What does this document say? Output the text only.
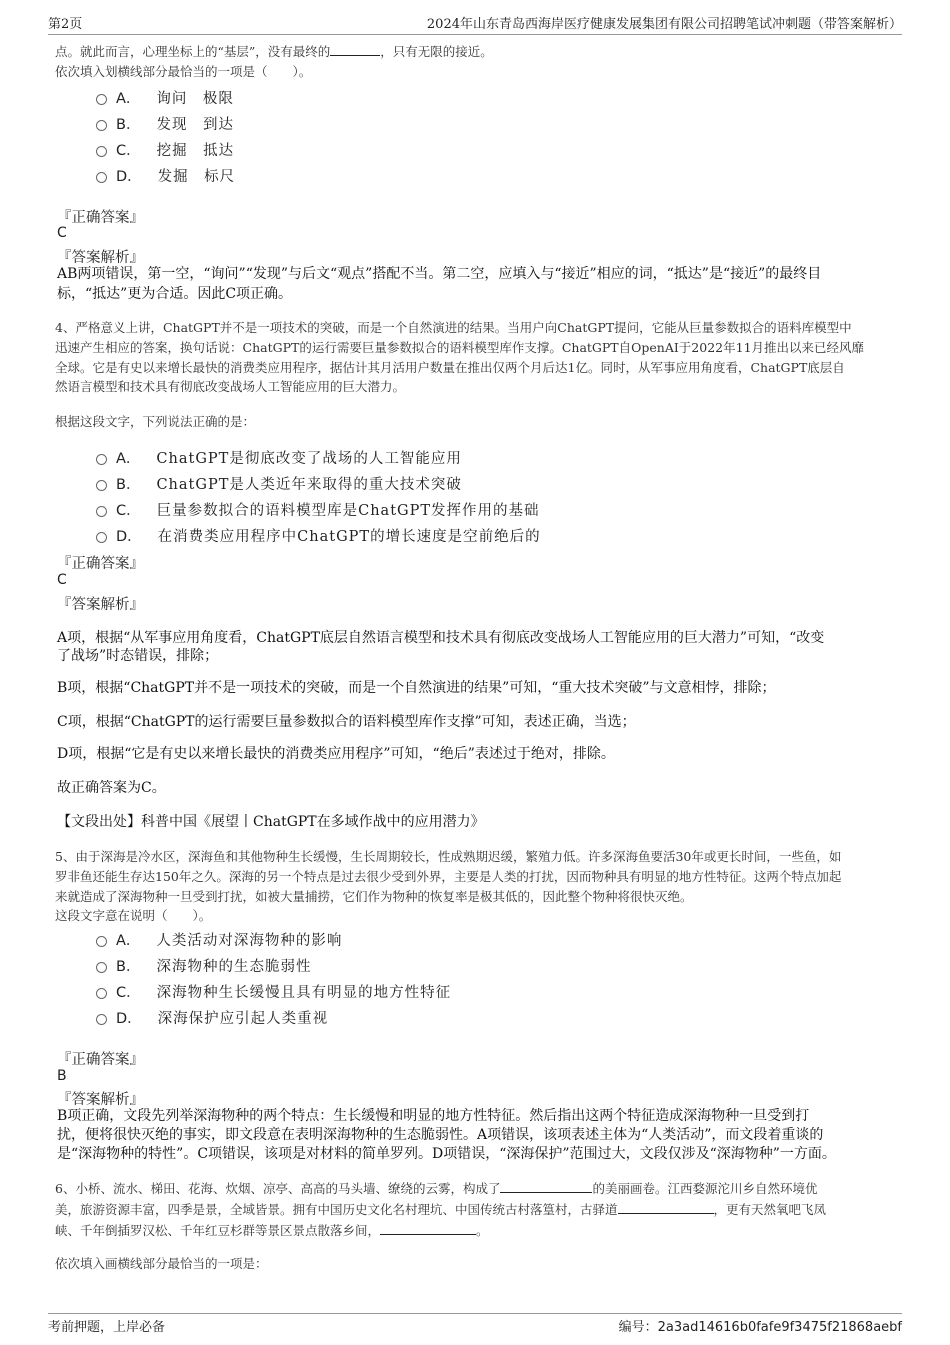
第2页	2024年山东青岛西海岸医疗健康发展集团有限公司招聘笔试冲刺题（带答案解析）
点。就此而言，心理坐标上的“基层”，没有最终的	，只有无限的接近。
依次填入划横线部分最恰当的一项是（　　）。
A． 询问　极限
B． 发现　到达
C． 挖掘　抵达
D． 发掘　标尺
『正确答案』
C
『答案解析』
AB两项错误，第一空，“询问”“发现”与后文“观点”搭配不当。第二空，应填入与“接近”相应的词，“抵达”是“接近”的最终目
标，“抵达”更为合适。因此C项正确。
4、严格意义上讲，ChatGPT并不是一项技术的突破，而是一个自然演进的结果。当用户向ChatGPT提问，它能从巨量参数拟合的语料库模型中
迅速产生相应的答案，换句话说：ChatGPT的运行需要巨量参数拟合的语料模型库作支撑。ChatGPT自OpenAI于2022年11月推出以来已经风靡
全球。它是有史以来增长最快的消费类应用程序，据估计其月活用户数量在推出仅两个月后达1亿。同时，从军事应用角度看，ChatGPT底层自
然语言模型和技术具有彻底改变战场人工智能应用的巨大潜力。
根据这段文字，下列说法正确的是：
A． ChatGPT是彻底改变了战场的人工智能应用
B． ChatGPT是人类近年来取得的重大技术突破
C． 巨量参数拟合的语料模型库是ChatGPT发挥作用的基础
D． 在消费类应用程序中ChatGPT的增长速度是空前绝后的
『正确答案』
C
『答案解析』
A项，根据“从军事应用角度看，ChatGPT底层自然语言模型和技术具有彻底改变战场人工智能应用的巨大潜力”可知，“改变
了战场”时态错误，排除；
B项，根据“ChatGPT并不是一项技术的突破，而是一个自然演进的结果”可知，“重大技术突破”与文意相悖，排除；
C项，根据“ChatGPT的运行需要巨量参数拟合的语料模型库作支撑”可知，表述正确，当选；
D项，根据“它是有史以来增长最快的消费类应用程序”可知，“绝后”表述过于绝对，排除。
故正确答案为C。
【文段出处】科普中国《展望丨ChatGPT在多域作战中的应用潜力》
5、由于深海是冷水区，深海鱼和其他物种生长缓慢，生长周期较长，性成熟期迟缓，繁殖力低。许多深海鱼要活30年或更长时间，一些鱼，如
罗非鱼还能生存达150年之久。深海的另一个特点是过去很少受到外界，主要是人类的打扰，因而物种具有明显的地方性特征。这两个特点加起
来就造成了深海物种一旦受到打扰，如被大量捕捞，它们作为物种的恢复率是极其低的，因此整个物种将很快灭绝。
这段文字意在说明（　　）。
A． 人类活动对深海物种的影响
B． 深海物种的生态脆弱性
C． 深海物种生长缓慢且具有明显的地方性特征
D． 深海保护应引起人类重视
『正确答案』
B
『答案解析』
B项正确，文段先列举深海物种的两个特点：生长缓慢和明显的地方性特征。然后指出这两个特征造成深海物种一旦受到打
扰，便将很快灭绝的事实，即文段意在表明深海物种的生态脆弱性。A项错误，该项表述主体为“人类活动”，而文段着重谈的
是“深海物种的特性”。C项错误，该项是对材料的简单罗列。D项错误，“深海保护”范围过大，文段仅涉及“深海物种”一方面。
6、小桥、流水、梯田、花海、炊烟、凉亭、高高的马头墙、缭绕的云雾，构成了	的美丽画卷。江西婺源沱川乡自然环境优
美，旅游资源丰富，四季是景，全域皆景。拥有中国历史文化名村理坑、中国传统古村落篁村，古驿道	，更有天然氧吧飞凤
峡、千年倒插罗汉松、千年红豆杉群等景区景点散落乡间，	。
依次填入画横线部分最恰当的一项是：
考前押题，上岸必备	编号：2a3ad14616b0fafe9f3475f21868aebf
